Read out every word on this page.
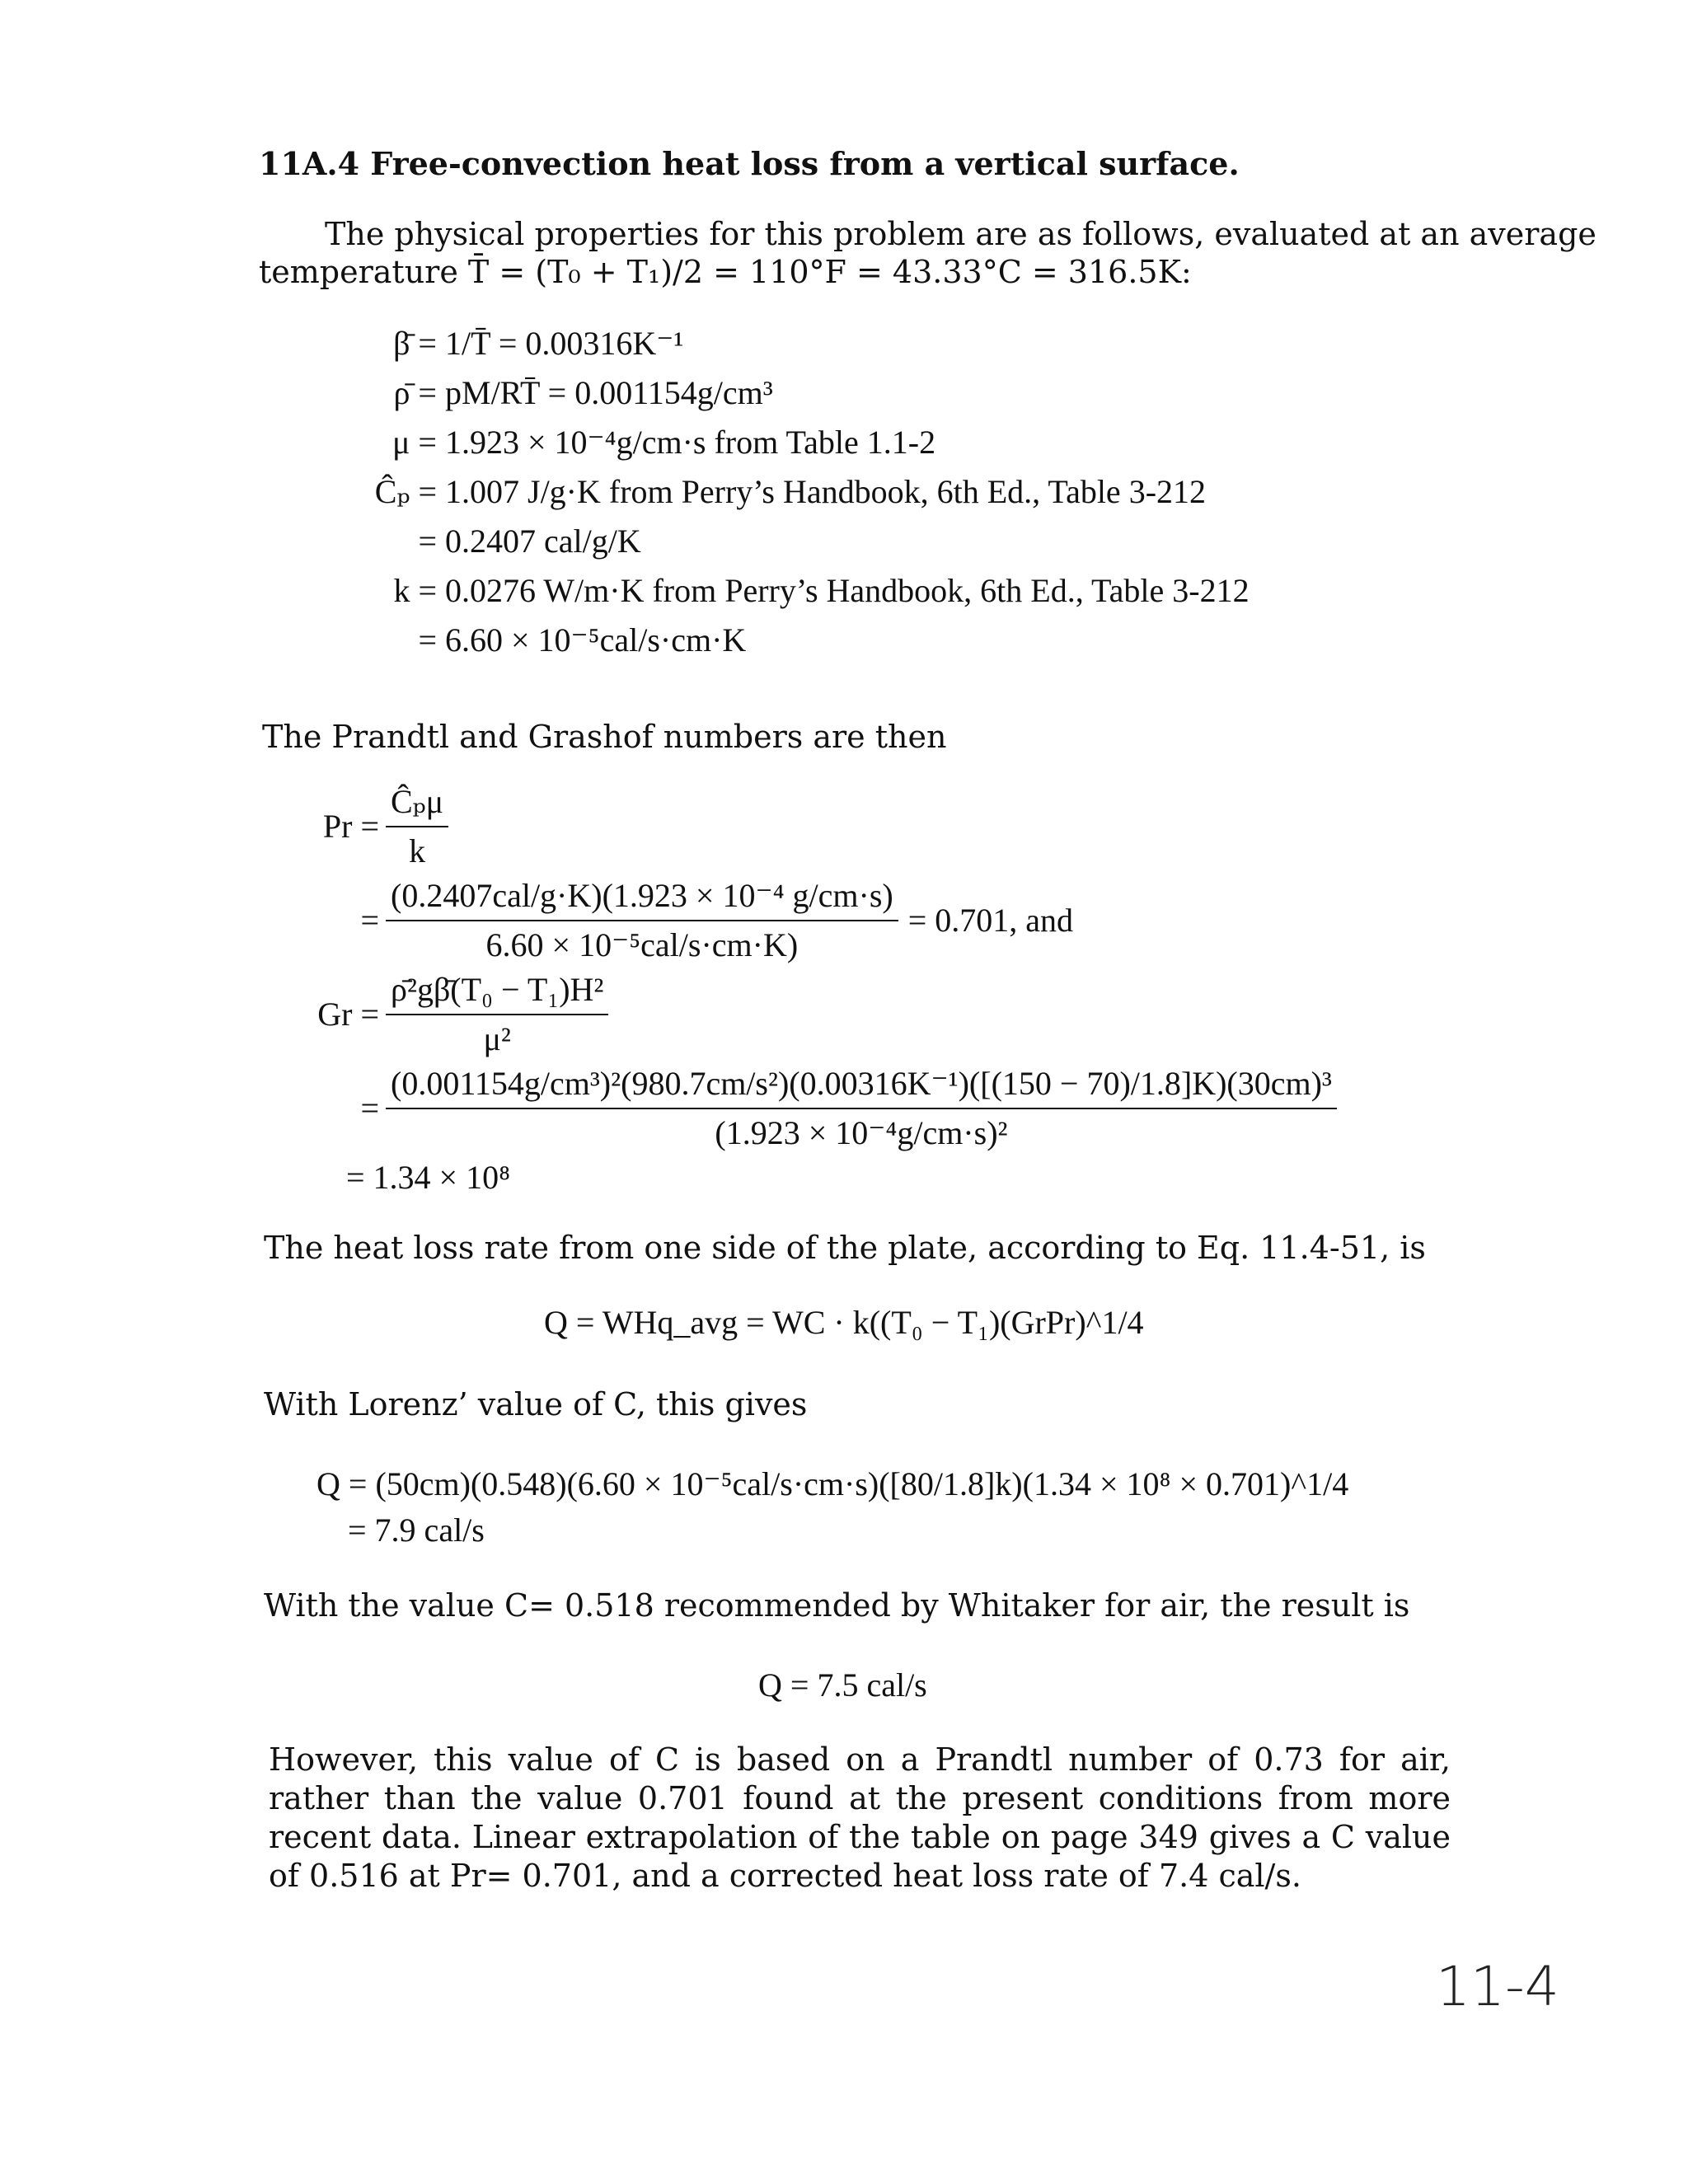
11A.4 Free-convection heat loss from a vertical surface.
The physical properties for this problem are as follows, evaluated at an average
temperature T̄ = (T₀ + T₁)/2 = 110°F = 43.33°C = 316.5K:
β̄ = 1/T̄ = 0.00316K⁻¹
ρ̄ = pM/RT̄ = 0.001154g/cm³
μ = 1.923 × 10⁻⁴g/cm·s from Table 1.1-2
Ĉₚ = 1.007 J/g·K from Perry’s Handbook, 6th Ed., Table 3-212
= 0.2407 cal/g/K
k = 0.0276 W/m·K from Perry’s Handbook, 6th Ed., Table 3-212
= 6.60 × 10⁻⁵cal/s·cm·K
The Prandtl and Grashof numbers are then
$Pr = \frac{\text{Ĉₚμ}}{k}$
= $\frac{\text{(0.2407cal/g·K)(1.923 × 10⁻⁴ g/cm·s)}}{\text{6.60 × 10⁻⁵cal/s·cm·K)}} = 0.701$, and
$Gr = \frac{\text{ρ̄²gβ̄(T₀ − T₁)H²}}{\text{μ²}}$
=
(0.001154g/cm³)²(980.7cm/s²)(0.00316K⁻¹)([(150 − 70)/1.8]K)(30cm)³
(1.923 × 10⁻⁴g/cm·s)²
= 1.34 × 10⁸
The heat loss rate from one side of the plate, according to Eq. 11.4-51, is
Q = WHq_avg = WC · k((T₀ − T₁)(GrPr)^1/4
With Lorenz’ value of C, this gives
Q = (50cm)(0.548)(6.60 × 10⁻⁵cal/s·cm·s)([80/1.8]k)(1.34 × 10⁸ × 0.701)^1/4
= 7.9 cal/s
With the value C= 0.518 recommended by Whitaker for air, the result is
Q = 7.5 cal/s
However, this value of C is based on a Prandtl number of 0.73 for air, rather than the value 0.701 found at the present conditions from more recent data. Linear extrapolation of the table on page 349 gives a C value of 0.516 at Pr= 0.701, and a corrected heat loss rate of 7.4 cal/s.
11-4
